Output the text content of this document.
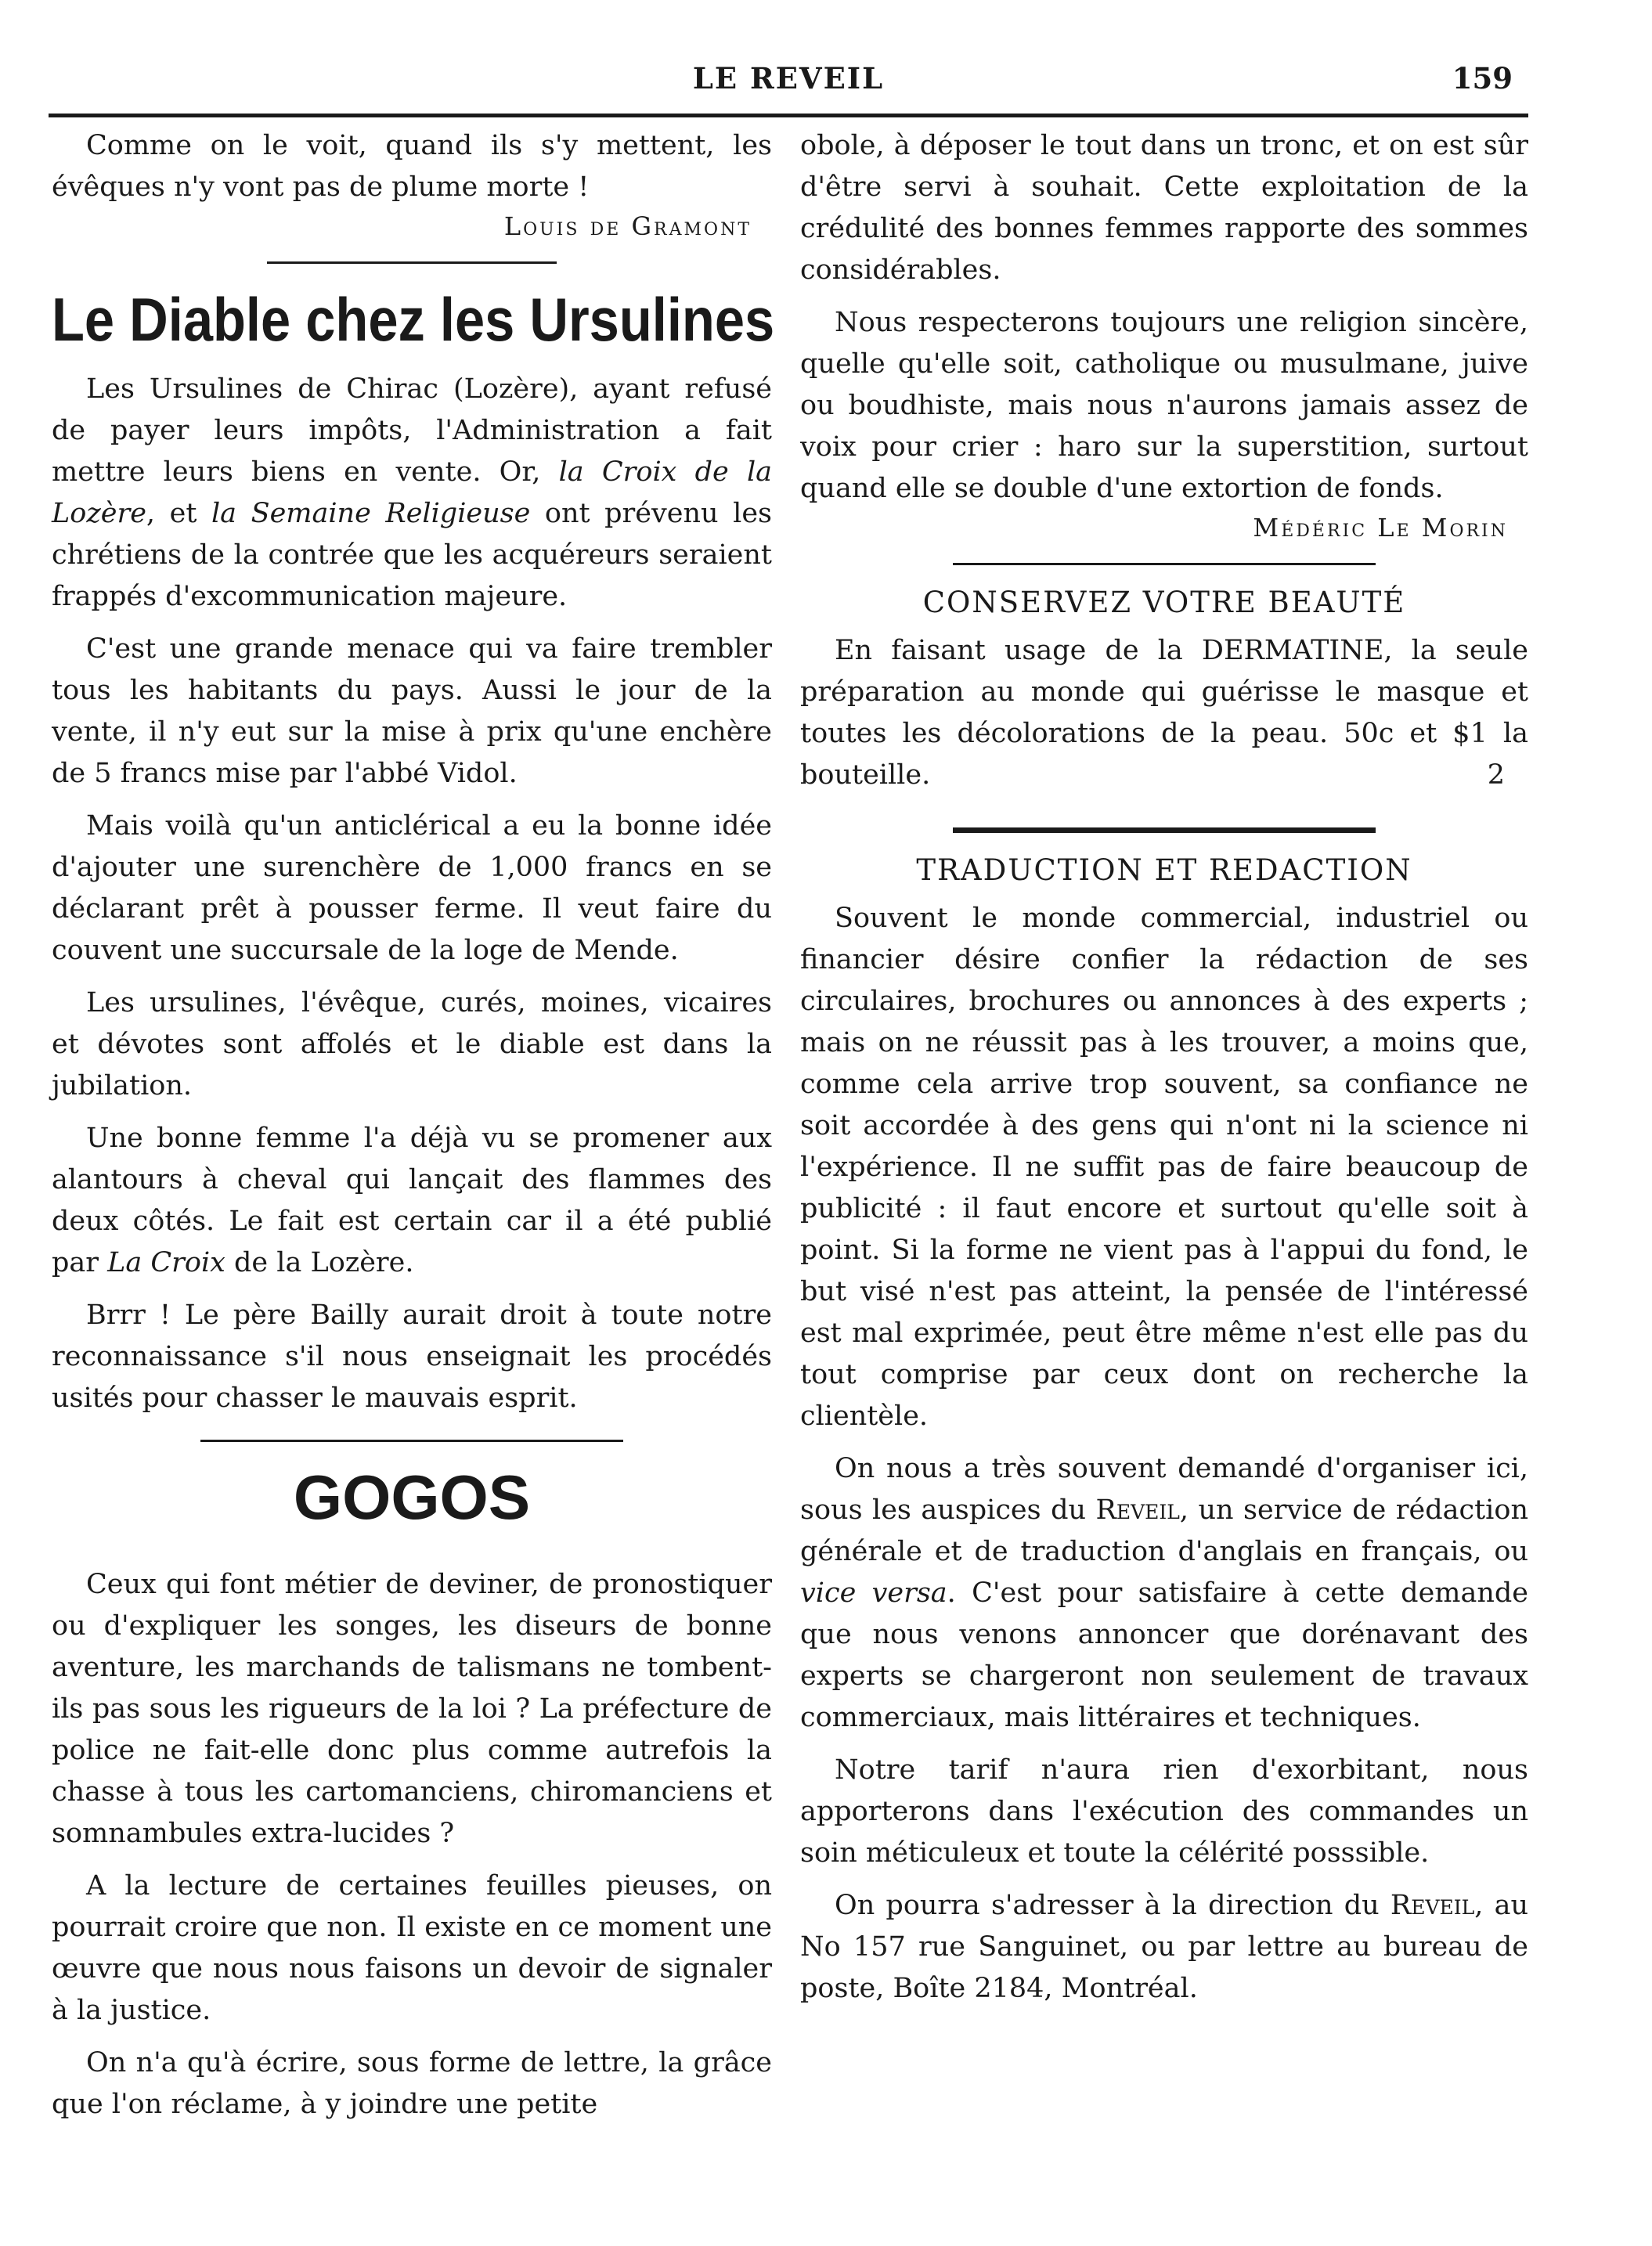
LE REVEIL	159

Comme on le voit, quand ils s'y mettent, les évêques n'y vont pas de plume morte !

Louis de Gramont
Le Diable chez les Ursulines

Les Ursulines de Chirac (Lozère), ayant refusé de payer leurs impôts, l'Administration a fait mettre leurs biens en vente. Or, la Croix de la Lozère, et la Semaine Religieuse ont prévenu les chrétiens de la contrée que les acquéreurs seraient frappés d'excommunication majeure.

C'est une grande menace qui va faire trembler tous les habitants du pays. Aussi le jour de la vente, il n'y eut sur la mise à prix qu'une enchère de 5 francs mise par l'abbé Vidol.

Mais voilà qu'un anticlérical a eu la bonne idée d'ajouter une surenchère de 1,000 francs en se déclarant prêt à pousser ferme. Il veut faire du couvent une succursale de la loge de Mende.

Les ursulines, l'évêque, curés, moines, vicaires et dévotes sont affolés et le diable est dans la jubilation.

Une bonne femme l'a déjà vu se promener aux alantours à cheval qui lançait des flammes des deux côtés. Le fait est certain car il a été publié par La Croix de la Lozère.

Brrr ! Le père Bailly aurait droit à toute notre reconnaissance s'il nous enseignait les procédés usités pour chasser le mauvais esprit.

GOGOS

Ceux qui font métier de deviner, de pronostiquer ou d'expliquer les songes, les diseurs de bonne aventure, les marchands de talismans ne tombent-ils pas sous les rigueurs de la loi ? La préfecture de police ne fait-elle donc plus comme autrefois la chasse à tous les cartomanciens, chiromanciens et somnambules extra-lucides ?

A la lecture de certaines feuilles pieuses, on pourrait croire que non. Il existe en ce moment une œuvre que nous nous faisons un devoir de signaler à la justice.

On n'a qu'à écrire, sous forme de lettre, la grâce que l'on réclame, à y joindre une petite

obole, à déposer le tout dans un tronc, et on est sûr d'être servi à souhait. Cette exploitation de la crédulité des bonnes femmes rapporte des sommes considérables.

Nous respecterons toujours une religion sincère, quelle qu'elle soit, catholique ou musulmane, juive ou boudhiste, mais nous n'aurons jamais assez de voix pour crier : haro sur la superstition, surtout quand elle se double d'une extortion de fonds.

Médéric Le Morin
CONSERVEZ VOTRE BEAUTÉ

En faisant usage de la DERMATINE, la seule préparation au monde qui guérisse le masque et toutes les décolorations de la peau. 50c et $1 la bouteille.	2

TRADUCTION ET REDACTION

Souvent le monde commercial, industriel ou financier désire confier la rédaction de ses circulaires, brochures ou annonces à des experts ; mais on ne réussit pas à les trouver, a moins que, comme cela arrive trop souvent, sa confiance ne soit accordée à des gens qui n'ont ni la science ni l'expérience. Il ne suffit pas de faire beaucoup de publicité : il faut encore et surtout qu'elle soit à point. Si la forme ne vient pas à l'appui du fond, le but visé n'est pas atteint, la pensée de l'intéressé est mal exprimée, peut être même n'est elle pas du tout comprise par ceux dont on recherche la clientèle.

On nous a très souvent demandé d'organiser ici, sous les auspices du Reveil, un service de rédaction générale et de traduction d'anglais en français, ou vice versa. C'est pour satisfaire à cette demande que nous venons annoncer que dorénavant des experts se chargeront non seulement de travaux commerciaux, mais littéraires et techniques.

Notre tarif n'aura rien d'exorbitant, nous apporterons dans l'exécution des commandes un soin méticuleux et toute la célérité posssible.

On pourra s'adresser à la direction du Reveil, au No 157 rue Sanguinet, ou par lettre au bureau de poste, Boîte 2184, Montréal.
